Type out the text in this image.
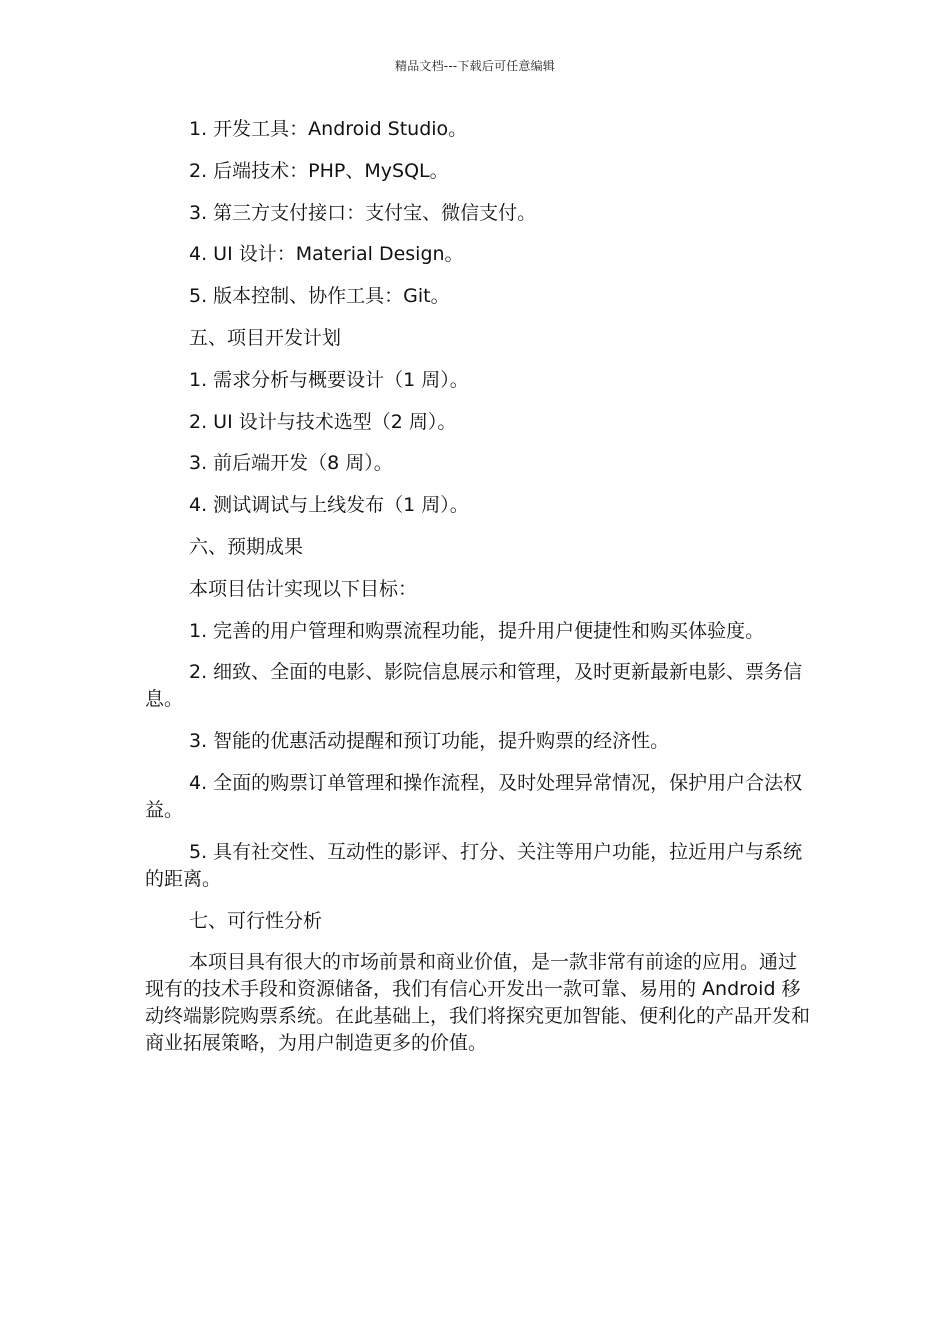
精品文档---下载后可任意编辑

1. 开发工具：Android Studio。

2. 后端技术：PHP、MySQL。

3. 第三方支付接口：支付宝、微信支付。

4. UI 设计：Material Design。

5. 版本控制、协作工具：Git。

五、项目开发计划

1. 需求分析与概要设计（1 周）。

2. UI 设计与技术选型（2 周）。

3. 前后端开发（8 周）。

4. 测试调试与上线发布（1 周）。

六、预期成果

本项目估计实现以下目标：

1. 完善的用户管理和购票流程功能，提升用户便捷性和购买体验度。

2. 细致、全面的电影、影院信息展示和管理，及时更新最新电影、票务信息。

3. 智能的优惠活动提醒和预订功能，提升购票的经济性。

4. 全面的购票订单管理和操作流程，及时处理异常情况，保护用户合法权益。

5. 具有社交性、互动性的影评、打分、关注等用户功能，拉近用户与系统的距离。

七、可行性分析

本项目具有很大的市场前景和商业价值，是一款非常有前途的应用。通过现有的技术手段和资源储备，我们有信心开发出一款可靠、易用的 Android 移动终端影院购票系统。在此基础上，我们将探究更加智能、便利化的产品开发和商业拓展策略，为用户制造更多的价值。
